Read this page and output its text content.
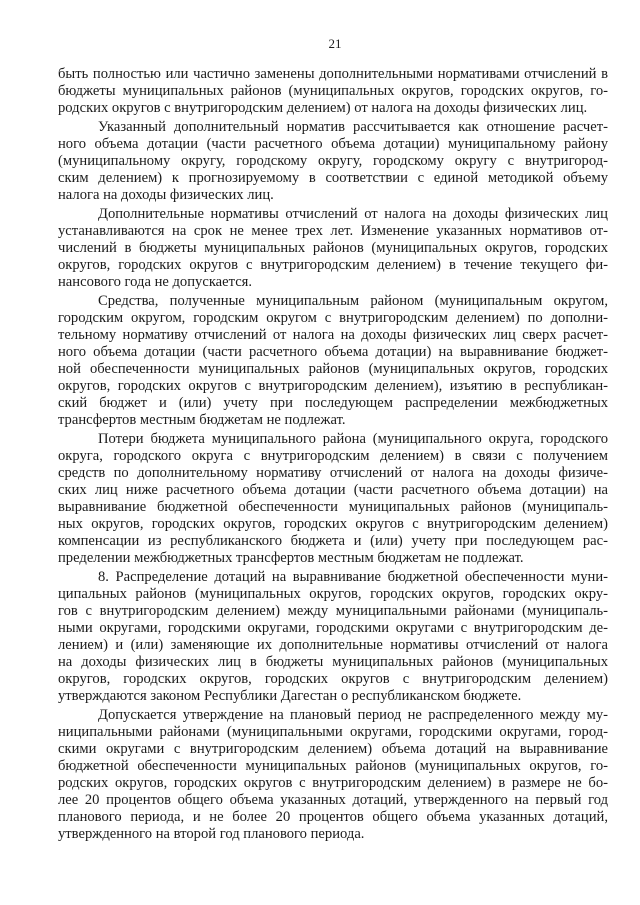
21
быть полностью или частично заменены дополнительными нормативами отчислений в
бюджеты муниципальных районов (муниципальных округов, городских округов, го-
родских округов с внутригородским делением) от налога на доходы физических лиц.
Указанный дополнительный норматив рассчитывается как отношение расчет-
ного объема дотации (части расчетного объема дотации) муниципальному району
(муниципальному округу, городскому округу, городскому округу с внутригород-
ским делением) к прогнозируемому в соответствии с единой методикой объему
налога на доходы физических лиц.
Дополнительные нормативы отчислений от налога на доходы физических лиц
устанавливаются на срок не менее трех лет. Изменение указанных нормативов от-
числений в бюджеты муниципальных районов (муниципальных округов, городских
округов, городских округов с внутригородским делением) в течение текущего фи-
нансового года не допускается.
Средства, полученные муниципальным районом (муниципальным округом,
городским округом, городским округом с внутригородским делением) по дополни-
тельному нормативу отчислений от налога на доходы физических лиц сверх расчет-
ного объема дотации (части расчетного объема дотации) на выравнивание бюджет-
ной обеспеченности муниципальных районов (муниципальных округов, городских
округов, городских округов с внутригородским делением), изъятию в республикан-
ский бюджет и (или) учету при последующем распределении межбюджетных
трансфертов местным бюджетам не подлежат.
Потери бюджета муниципального района (муниципального округа, городского
округа, городского округа с внутригородским делением) в связи с получением
средств по дополнительному нормативу отчислений от налога на доходы физиче-
ских лиц ниже расчетного объема дотации (части расчетного объема дотации) на
выравнивание бюджетной обеспеченности муниципальных районов (муниципаль-
ных округов, городских округов, городских округов с внутригородским делением)
компенсации из республиканского бюджета и (или) учету при последующем рас-
пределении межбюджетных трансфертов местным бюджетам не подлежат.
8. Распределение дотаций на выравнивание бюджетной обеспеченности муни-
ципальных районов (муниципальных округов, городских округов, городских окру-
гов с внутригородским делением) между муниципальными районами (муниципаль-
ными округами, городскими округами, городскими округами с внутригородским де-
лением) и (или) заменяющие их дополнительные нормативы отчислений от налога
на доходы физических лиц в бюджеты муниципальных районов (муниципальных
округов, городских округов, городских округов с внутригородским делением)
утверждаются законом Республики Дагестан о республиканском бюджете.
Допускается утверждение на плановый период не распределенного между му-
ниципальными районами (муниципальными округами, городскими округами, город-
скими округами с внутригородским делением) объема дотаций на выравнивание
бюджетной обеспеченности муниципальных районов (муниципальных округов, го-
родских округов, городских округов с внутригородским делением) в размере не бо-
лее 20 процентов общего объема указанных дотаций, утвержденного на первый год
планового периода, и не более 20 процентов общего объема указанных дотаций,
утвержденного на второй год планового периода.
